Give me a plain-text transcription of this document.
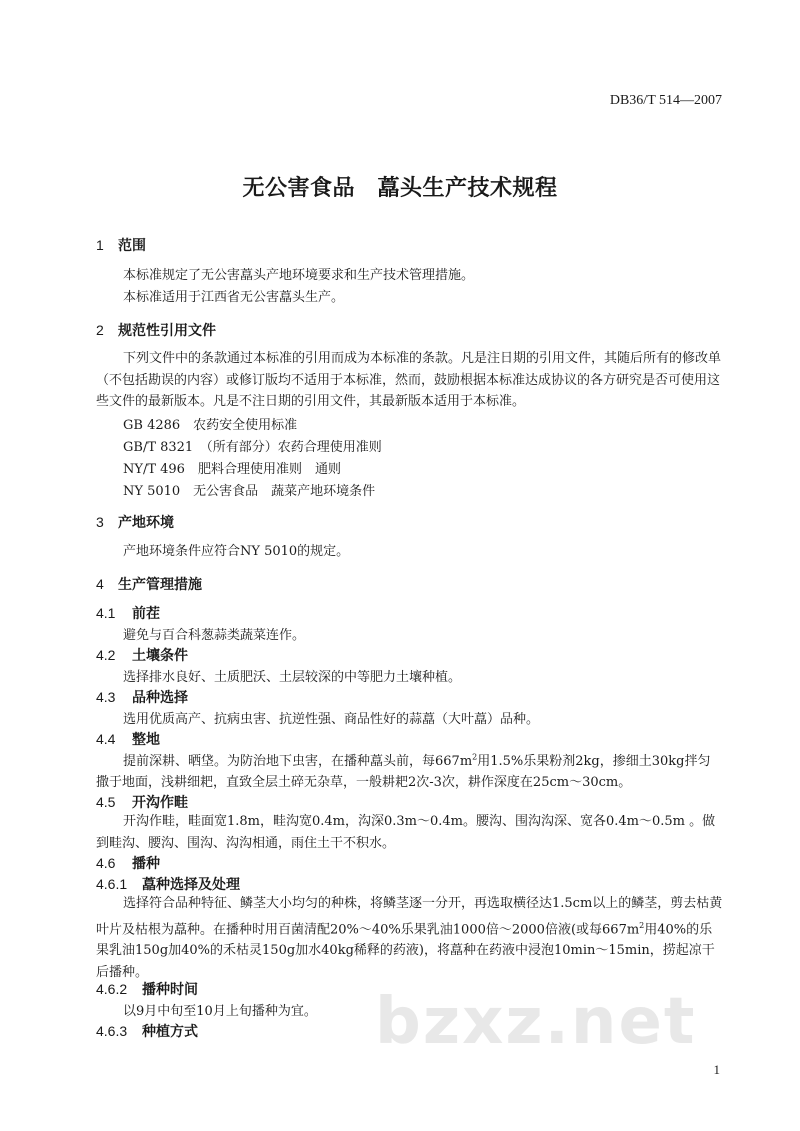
DB36/T 514—2007
无公害食品　藠头生产技术规程
1 范围
本标准规定了无公害藠头产地环境要求和生产技术管理措施。
本标准适用于江西省无公害藠头生产。
2 规范性引用文件
下列文件中的条款通过本标准的引用而成为本标准的条款。凡是注日期的引用文件，其随后所有的修改单（不包括勘误的内容）或修订版均不适用于本标准，然而，鼓励根据本标准达成协议的各方研究是否可使用这些文件的最新版本。凡是不注日期的引用文件，其最新版本适用于本标准。
GB 4286　农药安全使用标准
GB/T 8321　（所有部分）农药合理使用准则
NY/T 496　肥料合理使用准则　通则
NY 5010　无公害食品　蔬菜产地环境条件
3 产地环境
产地环境条件应符合NY 5010的规定。
4 生产管理措施
4.1 前茬
避免与百合科葱蒜类蔬菜连作。
4.2 土壤条件
选择排水良好、土质肥沃、土层较深的中等肥力土壤种植。
4.3 品种选择
选用优质高产、抗病虫害、抗逆性强、商品性好的蒜藠（大叶藠）品种。
4.4 整地
提前深耕、晒垡。为防治地下虫害，在播种藠头前，每$667m^2$用1.5%乐果粉剂2kg，掺细土30kg拌匀
撒于地面，浅耕细耙，直致全层土碎无杂草，一般耕耙2次-3次，耕作深度在25cm～30cm。
4.5 开沟作畦
开沟作畦，畦面宽1.8m，畦沟宽0.4m，沟深0.3m～0.4m。腰沟、围沟沟深、宽各0.4m～0.5m 。做到畦沟、腰沟、围沟、沟沟相通，雨住土干不积水。
4.6 播种
4.6.1 藠种选择及处理
选择符合品种特征、鳞茎大小均匀的种株，将鳞茎逐一分开，再选取横径达1.5cm以上的鳞茎，剪去枯黄叶片及枯根为藠种。在播种时用百菌清配20%～40%乐果乳油1000倍～2000倍液(或每$667m^2$用40%的乐果乳油150g加40%的禾枯灵150g加水40kg稀释的药液)，将藠种在药液中浸泡10min～15min，捞起凉干后播种。
4.6.2 播种时间
以9月中旬至10月上旬播种为宜。
4.6.3 种植方式	bzxz.net
1
